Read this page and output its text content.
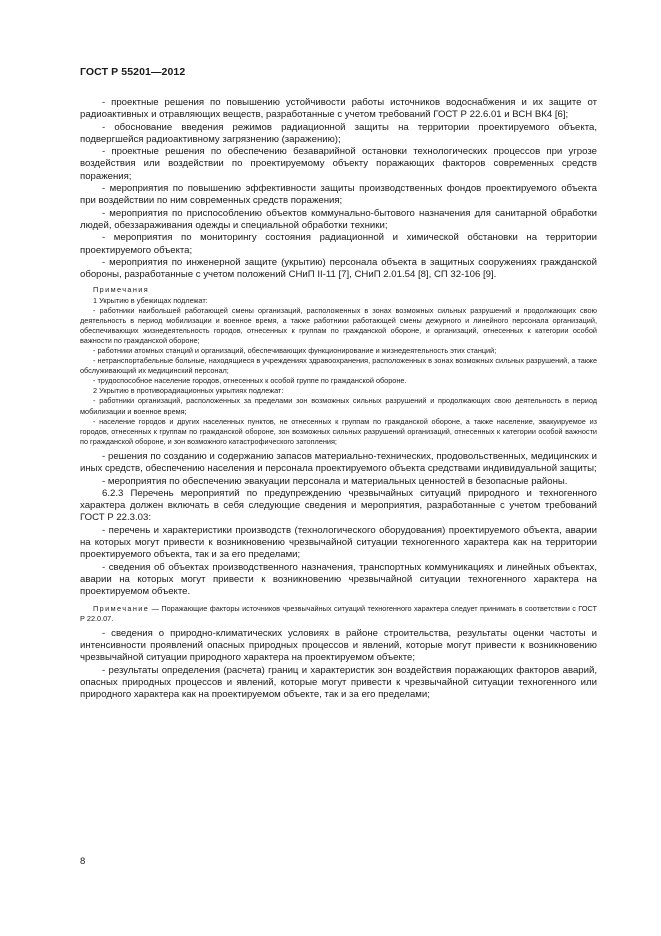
ГОСТ Р 55201—2012

- проектные решения по повышению устойчивости работы источников водоснабжения и их защите от радиоактивных и отравляющих веществ, разработанные с учетом требований ГОСТ Р 22.6.01 и ВСН ВК4 [6];

- обоснование введения режимов радиационной защиты на территории проектируемого объекта, подвергшейся радиоактивному загрязнению (заражению);

- проектные решения по обеспечению безаварийной остановки технологических процессов при угрозе воздействия или воздействии по проектируемому объекту поражающих факторов современных средств поражения;

- мероприятия по повышению эффективности защиты производственных фондов проектируемого объекта при воздействии по ним современных средств поражения;

- мероприятия по приспособлению объектов коммунально-бытового назначения для санитарной обработки людей, обеззараживания одежды и специальной обработки техники;

- мероприятия по мониторингу состояния радиационной и химической обстановки на территории проектируемого объекта;

- мероприятия по инженерной защите (укрытию) персонала объекта в защитных сооружениях гражданской обороны, разработанные с учетом положений СНиП II-11 [7], СНиП 2.01.54 [8], СП 32-106 [9].

Примечания

1 Укрытию в убежищах подлежат:

- работники наибольшей работающей смены организаций, расположенных в зонах возможных сильных разрушений и продолжающих свою деятельность в период мобилизации и военное время, а также работники работающей смены дежурного и линейного персонала организаций, обеспечивающих жизнедеятельность городов, отнесенных к группам по гражданской обороне, и организаций, отнесенных к категории особой важности по гражданской обороне;

- работники атомных станций и организаций, обеспечивающих функционирование и жизнедеятельность этих станций;

- нетранспортабельные больные, находящиеся в учреждениях здравоохранения, расположенных в зонах возможных сильных разрушений, а также обслуживающий их медицинский персонал;

- трудоспособное население городов, отнесенных к особой группе по гражданской обороне.

2 Укрытию в противорадиационных укрытиях подлежат:

- работники организаций, расположенных за пределами зон возможных сильных разрушений и продолжающих свою деятельность в период мобилизации и военное время;

- население городов и других населенных пунктов, не отнесенных к группам по гражданской обороне, а также население, эвакуируемое из городов, отнесенных к группам по гражданской обороне, зон возможных сильных разрушений организаций, отнесенных к категории особой важности по гражданской обороне, и зон возможного катастрофического затопления;

- решения по созданию и содержанию запасов материально-технических, продовольственных, медицинских и иных средств, обеспечению населения и персонала проектируемого объекта средствами индивидуальной защиты;

- мероприятия по обеспечению эвакуации персонала и материальных ценностей в безопасные районы.

6.2.3 Перечень мероприятий по предупреждению чрезвычайных ситуаций природного и техногенного характера должен включать в себя следующие сведения и мероприятия, разработанные с учетом требований ГОСТ Р 22.3.03:

- перечень и характеристики производств (технологического оборудования) проектируемого объекта, аварии на которых могут привести к возникновению чрезвычайной ситуации техногенного характера как на территории проектируемого объекта, так и за его пределами;

- сведения об объектах производственного назначения, транспортных коммуникациях и линейных объектах, аварии на которых могут привести к возникновению чрезвычайной ситуации техногенного характера на проектируемом объекте.

Примечание — Поражающие факторы источников чрезвычайных ситуаций техногенного характера следует принимать в соответствии с ГОСТ Р 22.0.07.

- сведения о природно-климатических условиях в районе строительства, результаты оценки частоты и интенсивности проявлений опасных природных процессов и явлений, которые могут привести к возникновению чрезвычайной ситуации природного характера на проектируемом объекте;

- результаты определения (расчета) границ и характеристик зон воздействия поражающих факторов аварий, опасных природных процессов и явлений, которые могут привести к чрезвычайной ситуации техногенного или природного характера как на проектируемом объекте, так и за его пределами;

8
